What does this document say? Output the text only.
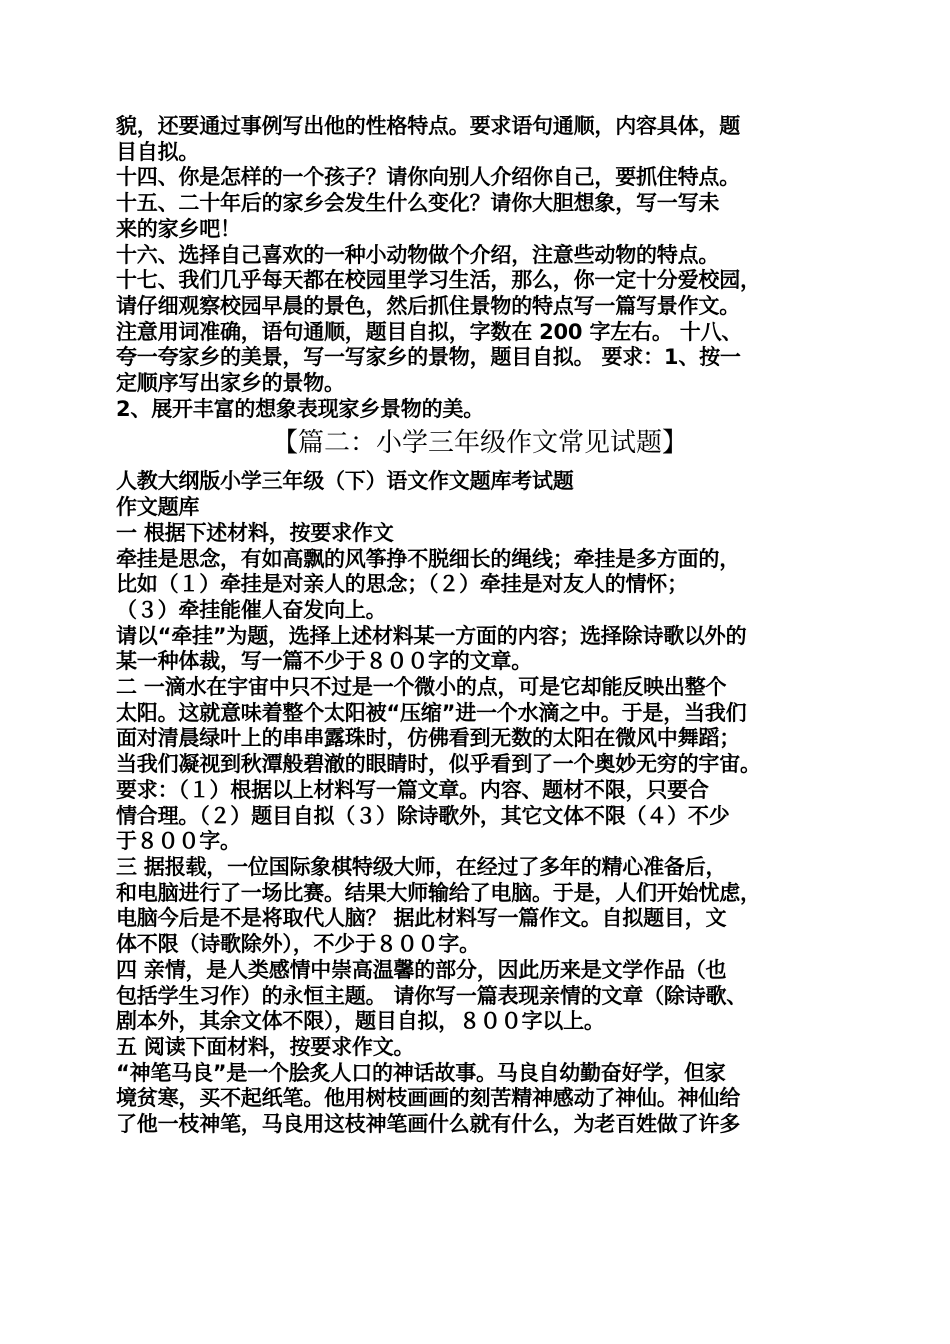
貌，还要通过事例写出他的性格特点。要求语句通顺，内容具体，题
目自拟。
十四、你是怎样的一个孩子？请你向别人介绍你自己，要抓住特点。
十五、二十年后的家乡会发生什么变化？请你大胆想象，写一写未
来的家乡吧！
十六、选择自己喜欢的一种小动物做个介绍，注意些动物的特点。
十七、我们几乎每天都在校园里学习生活，那么，你一定十分爱校园，
请仔细观察校园早晨的景色，然后抓住景物的特点写一篇写景作文。
注意用词准确，语句通顺，题目自拟，字数在 200 字左右。 十八、
夸一夸家乡的美景，写一写家乡的景物，题目自拟。 要求：1、按一
定顺序写出家乡的景物。
2、展开丰富的想象表现家乡景物的美。
【篇二：小学三年级作文常见试题】
人教大纲版小学三年级（下）语文作文题库考试题
作文题库
一 根据下述材料，按要求作文
牵挂是思念，有如高飘的风筝挣不脱细长的绳线；牵挂是多方面的，
比如（１）牵挂是对亲人的思念；（２）牵挂是对友人的情怀；
（３）牵挂能催人奋发向上。
请以“牵挂”为题，选择上述材料某一方面的内容；选择除诗歌以外的
某一种体裁，写一篇不少于８００字的文章。
二 一滴水在宇宙中只不过是一个微小的点，可是它却能反映出整个
太阳。这就意味着整个太阳被“压缩”进一个水滴之中。于是，当我们
面对清晨绿叶上的串串露珠时，仿佛看到无数的太阳在微风中舞蹈；
当我们凝视到秋潭般碧澈的眼睛时，似乎看到了一个奥妙无穷的宇宙。
要求：（１）根据以上材料写一篇文章。内容、题材不限，只要合
情合理。（２）题目自拟（３）除诗歌外，其它文体不限（４）不少
于８００字。
三 据报载，一位国际象棋特级大师，在经过了多年的精心准备后，
和电脑进行了一场比赛。结果大师输给了电脑。于是，人们开始忧虑，
电脑今后是不是将取代人脑？ 据此材料写一篇作文。自拟题目，文
体不限（诗歌除外），不少于８００字。
四 亲情，是人类感情中崇高温馨的部分，因此历来是文学作品（也
包括学生习作）的永恒主题。 请你写一篇表现亲情的文章（除诗歌、
剧本外，其余文体不限），题目自拟，８００字以上。
五 阅读下面材料，按要求作文。
“神笔马良”是一个脍炙人口的神话故事。马良自幼勤奋好学，但家
境贫寒，买不起纸笔。他用树枝画画的刻苦精神感动了神仙。神仙给
了他一枝神笔，马良用这枝神笔画什么就有什么，为老百姓做了许多
